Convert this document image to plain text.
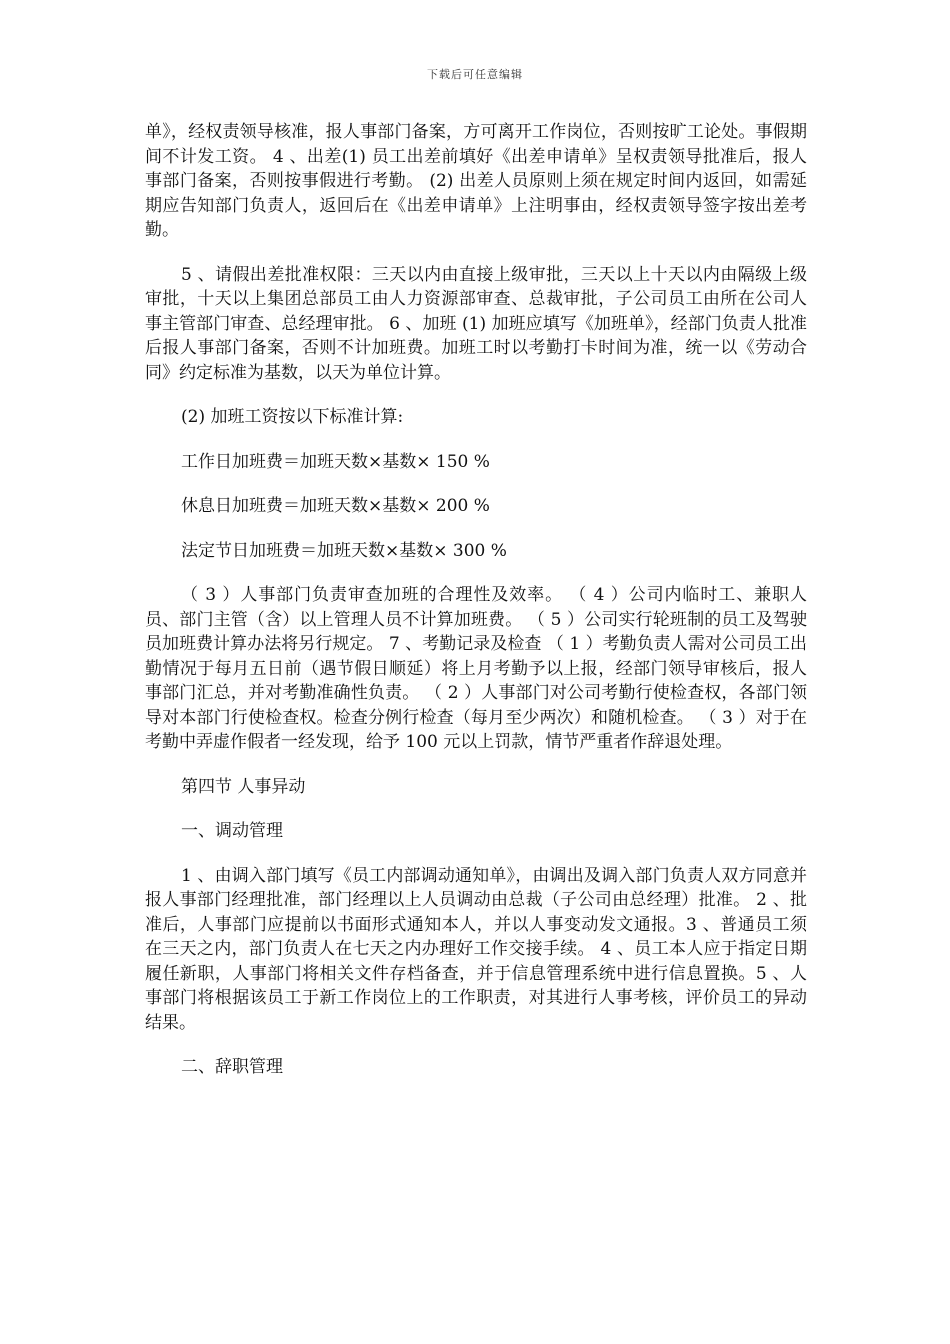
下载后可任意编辑

单》，经权责领导核准，报人事部门备案，方可离开工作岗位，否则按旷工论处。事假期间不计发工资。 4 、出差(1) 员工出差前填好《出差申请单》呈权责领导批准后，报人事部门备案，否则按事假进行考勤。 (2) 出差人员原则上须在规定时间内返回，如需延期应告知部门负责人，返回后在《出差申请单》上注明事由，经权责领导签字按出差考勤。

5 、请假出差批准权限：三天以内由直接上级审批，三天以上十天以内由隔级上级审批，十天以上集团总部员工由人力资源部审查、总裁审批，子公司员工由所在公司人事主管部门审查、总经理审批。 6 、加班 (1) 加班应填写《加班单》，经部门负责人批准后报人事部门备案，否则不计加班费。加班工时以考勤打卡时间为准，统一以《劳动合同》约定标准为基数，以天为单位计算。

(2) 加班工资按以下标准计算:

工作日加班费＝加班天数×基数× 150 %

休息日加班费＝加班天数×基数× 200 %

法定节日加班费＝加班天数×基数× 300 %

（ 3 ）人事部门负责审查加班的合理性及效率。 （ 4 ）公司内临时工、兼职人员、部门主管（含）以上管理人员不计算加班费。 （ 5 ）公司实行轮班制的员工及驾驶员加班费计算办法将另行规定。 7 、考勤记录及检查 （ 1 ）考勤负责人需对公司员工出勤情况于每月五日前（遇节假日顺延）将上月考勤予以上报，经部门领导审核后，报人事部门汇总，并对考勤准确性负责。 （ 2 ）人事部门对公司考勤行使检查权，各部门领导对本部门行使检查权。检查分例行检查（每月至少两次）和随机检查。 （ 3 ）对于在考勤中弄虚作假者一经发现，给予 100 元以上罚款，情节严重者作辞退处理。

第四节 人事异动

一、调动管理

1 、由调入部门填写《员工内部调动通知单》，由调出及调入部门负责人双方同意并报人事部门经理批准，部门经理以上人员调动由总裁（子公司由总经理）批准。 2 、批准后，人事部门应提前以书面形式通知本人，并以人事变动发文通报。3 、普通员工须在三天之内，部门负责人在七天之内办理好工作交接手续。 4 、员工本人应于指定日期履任新职，人事部门将相关文件存档备查，并于信息管理系统中进行信息置换。5 、人事部门将根据该员工于新工作岗位上的工作职责，对其进行人事考核，评价员工的异动结果。

二、辞职管理
